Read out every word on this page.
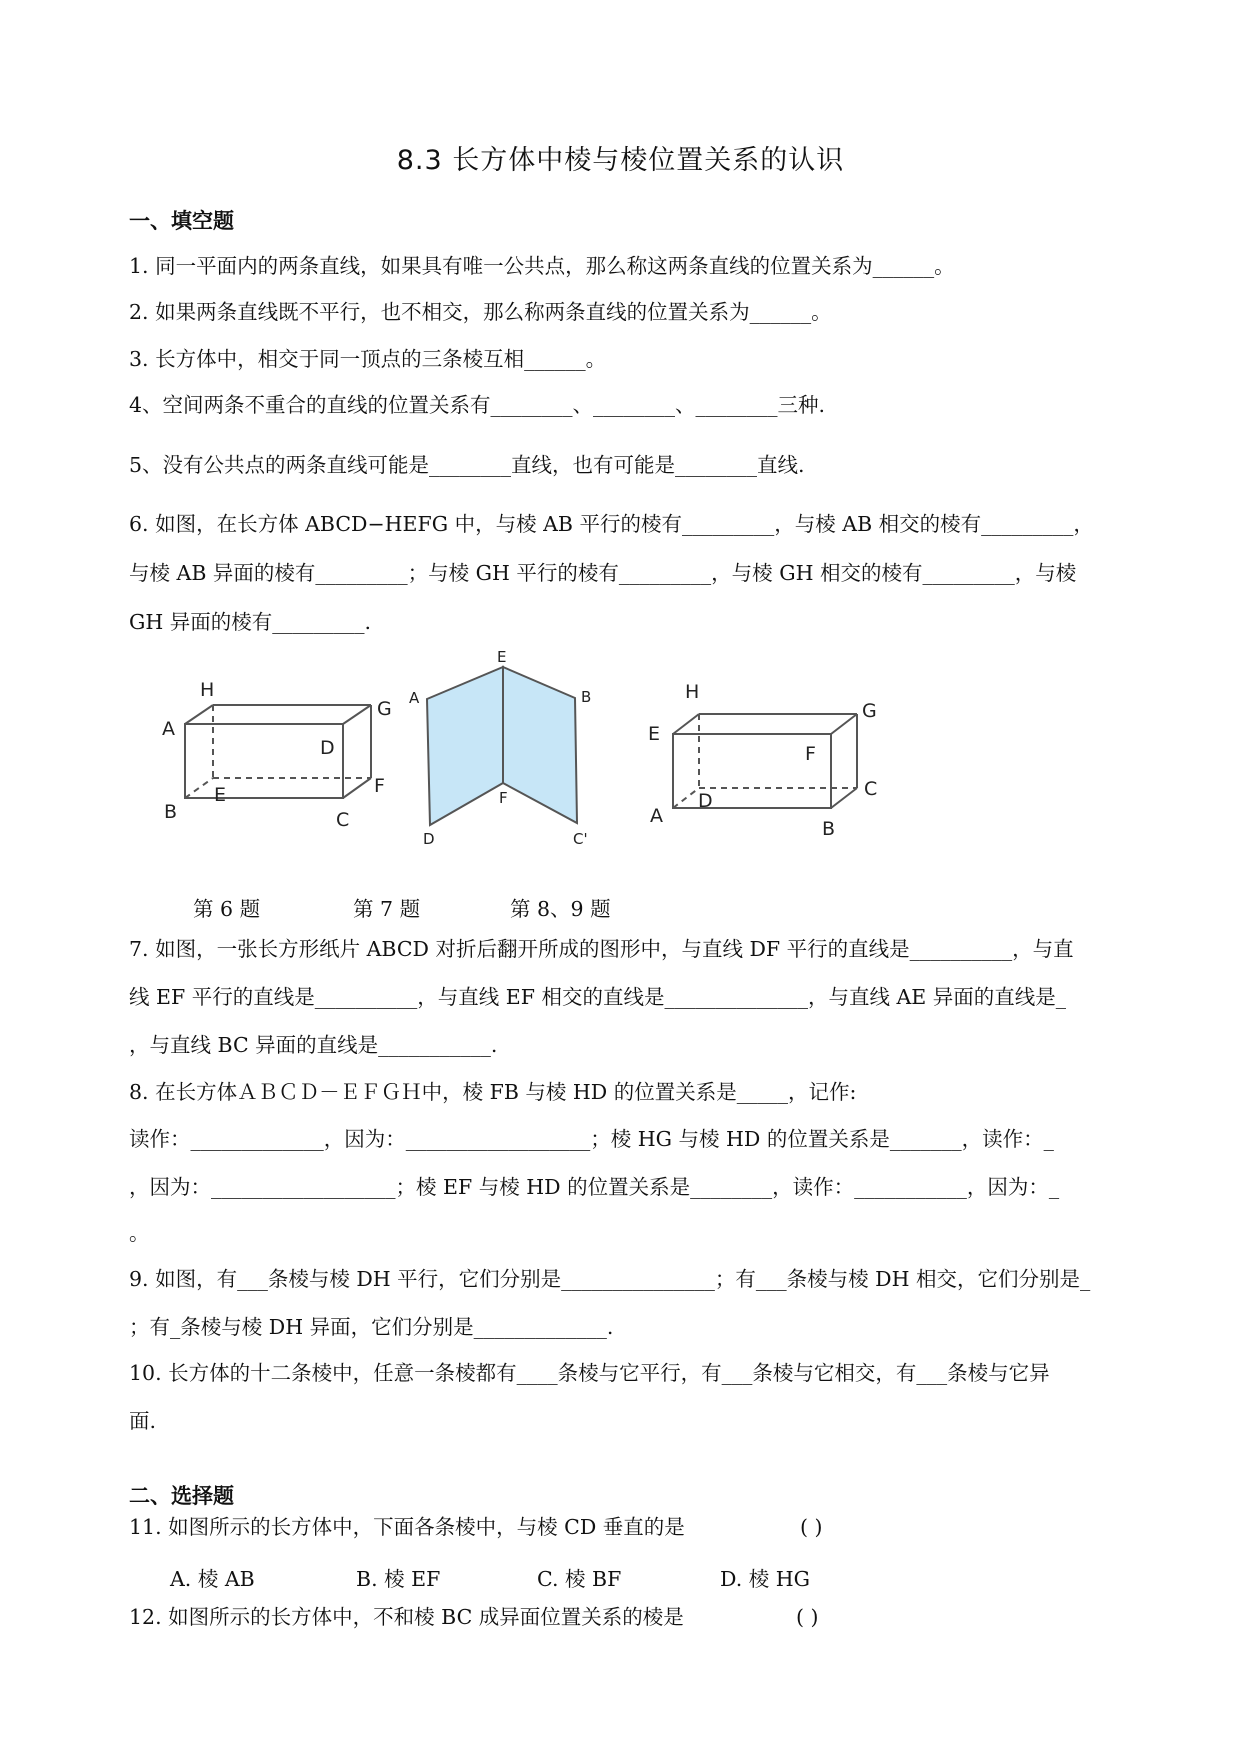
8.3 长方体中棱与棱位置关系的认识
一、填空题
1. 同一平面内的两条直线，如果具有唯一公共点，那么称这两条直线的位置关系为______。
2. 如果两条直线既不平行，也不相交，那么称两条直线的位置关系为______。
3. 长方体中，相交于同一顶点的三条棱互相______。
4、空间两条不重合的直线的位置关系有________、________、________三种.
5、没有公共点的两条直线可能是________直线，也有可能是________直线.
6. 如图，在长方体 ABCD−HEFG 中，与棱 AB 平行的棱有_________，与棱 AB 相交的棱有_________，
与棱 AB 异面的棱有_________；与棱 GH 平行的棱有_________，与棱 GH 相交的棱有_________，与棱
GH 异面的棱有_________.
H
G
A
D
F
B
E
C
E
A	B
F
D	C'
H
G
E
F
C
A
D
B
第 6 题	第 7 题	第 8、9 题
7. 如图，一张长方形纸片 ABCD 对折后翻开所成的图形中，与直线 DF 平行的直线是__________，与直
线 EF 平行的直线是__________，与直线 EF 相交的直线是______________，与直线 AE 异面的直线是_
，与直线 BC 异面的直线是___________.
8. 在长方体ＡＢＣＤ－ＥＦＧＨ中，棱 FB 与棱 HD 的位置关系是_____，记作:
读作：_____________，因为：__________________；棱 HG 与棱 HD 的位置关系是_______，读作：_
，因为：__________________；棱 EF 与棱 HD 的位置关系是________，读作：___________，因为：_
。
9. 如图，有___条棱与棱 DH 平行，它们分别是_______________；有___条棱与棱 DH 相交，它们分别是_
；有_条棱与棱 DH 异面，它们分别是_____________.
10. 长方体的十二条棱中，任意一条棱都有____条棱与它平行，有___条棱与它相交，有___条棱与它异
面.
二、选择题
11. 如图所示的长方体中，下面各条棱中，与棱 CD 垂直的是	( )
A. 棱 AB	B. 棱 EF	C. 棱 BF	D. 棱 HG
12. 如图所示的长方体中，不和棱 BC 成异面位置关系的棱是	( )
